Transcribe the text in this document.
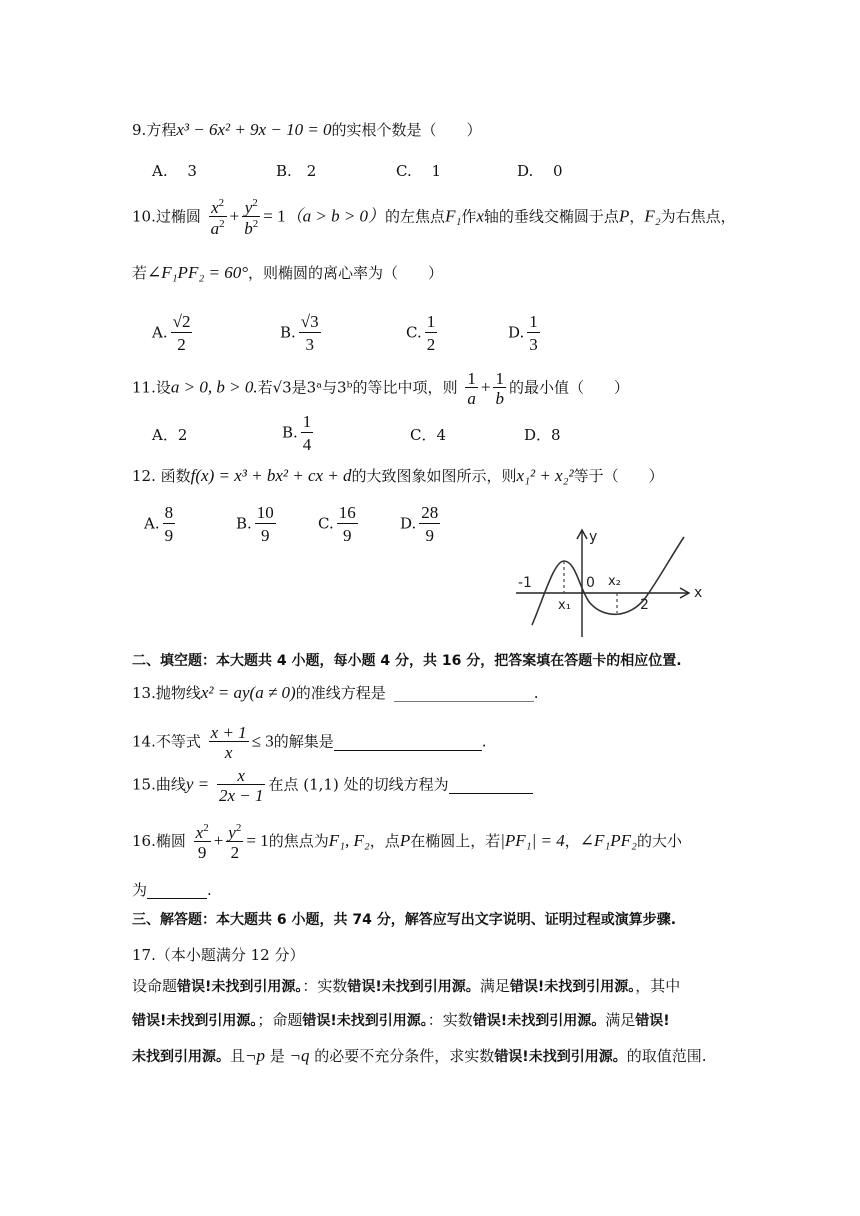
9.方程x³ − 6x² + 9x − 10 = 0的实根个数是（　　）
A.　 3	B.　2	C.　 1	D.　 0
10.过椭圆 $\frac{x^2}{a^2} + \frac{y^2}{b^2} = 1(a > b > 0)$的左焦点F₁作x轴的垂线交椭圆于点P，F₂为右焦点，
若∠F₁PF₂ = 60°，则椭圆的离心率为（　　）
A. $\frac{√2}{2}$	B. $\frac{√3}{3}$	C. $\frac{1}{2}$	D. $\frac{1}{3}$
11.设a > 0, b > 0.若√3是3ᵃ与3ᵇ的等比中项，则 $\frac{1}{a} + \frac{1}{b}$ 的最小值（　　）
A．2	B. $\frac{1}{4}$	C．4	D．8
12. 函数f(x) = x³ + bx² + cx + d的大致图象如图所示，则x₁² + x₂²等于（　　）
A. $\frac{8}{9}$	B. $\frac{10}{9}$	C. $\frac{16}{9}$	D. $\frac{28}{9}$	y
x
-1	0
x₁
x₂
2
二、填空题：本大题共 4 小题，每小题 4 分，共 16 分，把答案填在答题卡的相应位置.
13.抛物线x² = ay(a ≠ 0)的准线方程是	.
14.不等式 $\frac{x + 1}{x} \le 3$的解集是	.
15.曲线$y = \frac{x}{2x - 1}$ 在点 (1,1) 处的切线方程为
16.椭圆 $\frac{x^2}{9} + \frac{y^2}{2} = 1$的焦点为F₁, F₂，点P在椭圆上，若|PF₁| = 4，∠F₁PF₂的大小
为	.
三、解答题：本大题共 6 小题，共 74 分，解答应写出文字说明、证明过程或演算步骤.
17.（本小题满分 12 分）
设命题错误!未找到引用源。：实数错误!未找到引用源。满足错误!未找到引用源。，其中
错误!未找到引用源。；命题错误!未找到引用源。：实数错误!未找到引用源。满足错误!
未找到引用源。且¬p 是 ¬q 的必要不充分条件，求实数错误!未找到引用源。的取值范围.
